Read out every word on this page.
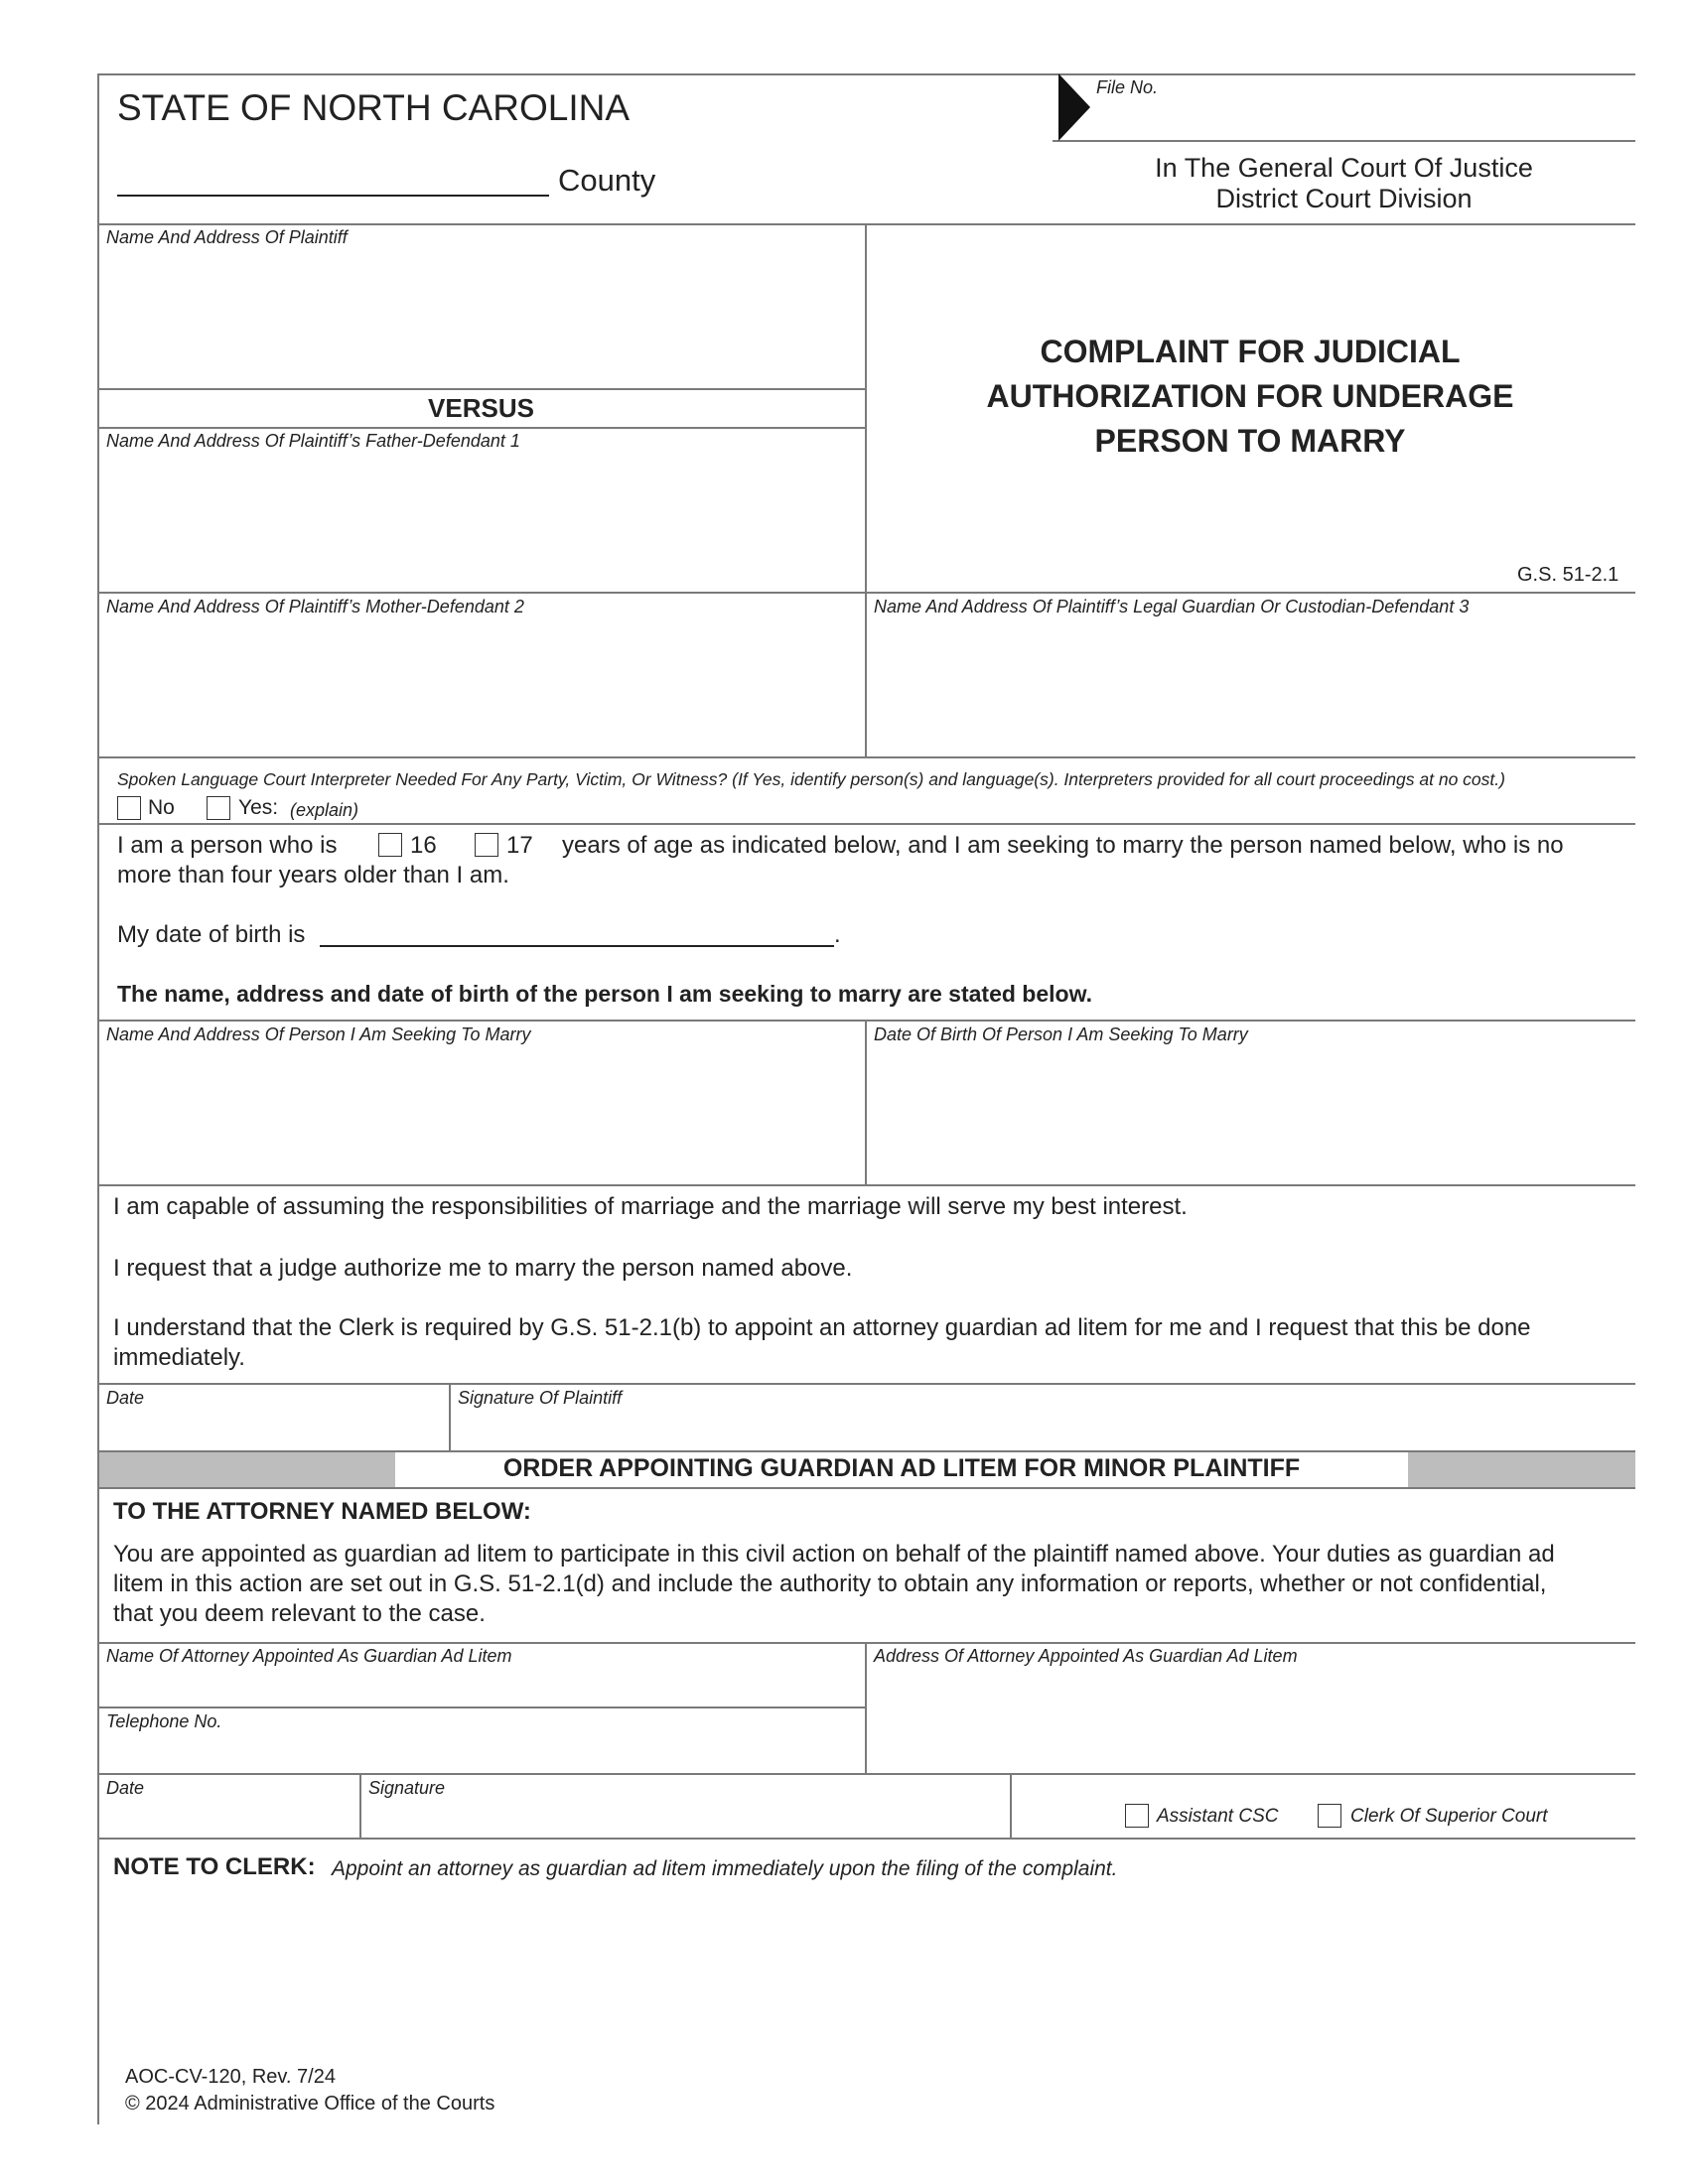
STATE OF NORTH CAROLINA
County
File No.
In The General Court Of Justice
District Court Division
Name And Address Of Plaintiff
VERSUS
Name And Address Of Plaintiff’s Father-Defendant 1
COMPLAINT FOR JUDICIAL
AUTHORIZATION FOR UNDERAGE
PERSON TO MARRY
G.S. 51-2.1
Name And Address Of Plaintiff’s Mother-Defendant 2	Name And Address Of Plaintiff’s Legal Guardian Or Custodian-Defendant 3
Spoken Language Court Interpreter Needed For Any Party, Victim, Or Witness? (If Yes, identify person(s) and language(s). Interpreters provided for all court proceedings at no cost.)
No	Yes: (explain)
I am a person who is	16	17 years of age as indicated below, and I am seeking to marry the person named below, who is no
more than four years older than I am.
My date of birth is	.
The name, address and date of birth of the person I am seeking to marry are stated below.
Name And Address Of Person I Am Seeking To Marry	Date Of Birth Of Person I Am Seeking To Marry
I am capable of assuming the responsibilities of marriage and the marriage will serve my best interest.
I request that a judge authorize me to marry the person named above.
I understand that the Clerk is required by G.S. 51-2.1(b) to appoint an attorney guardian ad litem for me and I request that this be done
immediately.
Date	Signature Of Plaintiff
ORDER APPOINTING GUARDIAN AD LITEM FOR MINOR PLAINTIFF
TO THE ATTORNEY NAMED BELOW:
You are appointed as guardian ad litem to participate in this civil action on behalf of the plaintiff named above. Your duties as guardian ad
litem in this action are set out in G.S. 51-2.1(d) and include the authority to obtain any information or reports, whether or not confidential,
that you deem relevant to the case.
Name Of Attorney Appointed As Guardian Ad Litem	Address Of Attorney Appointed As Guardian Ad Litem
Telephone No.
Date	Signature
Assistant CSC	Clerk Of Superior Court
NOTE TO CLERK: Appoint an attorney as guardian ad litem immediately upon the filing of the complaint.
AOC-CV-120, Rev. 7/24
© 2024 Administrative Office of the Courts
